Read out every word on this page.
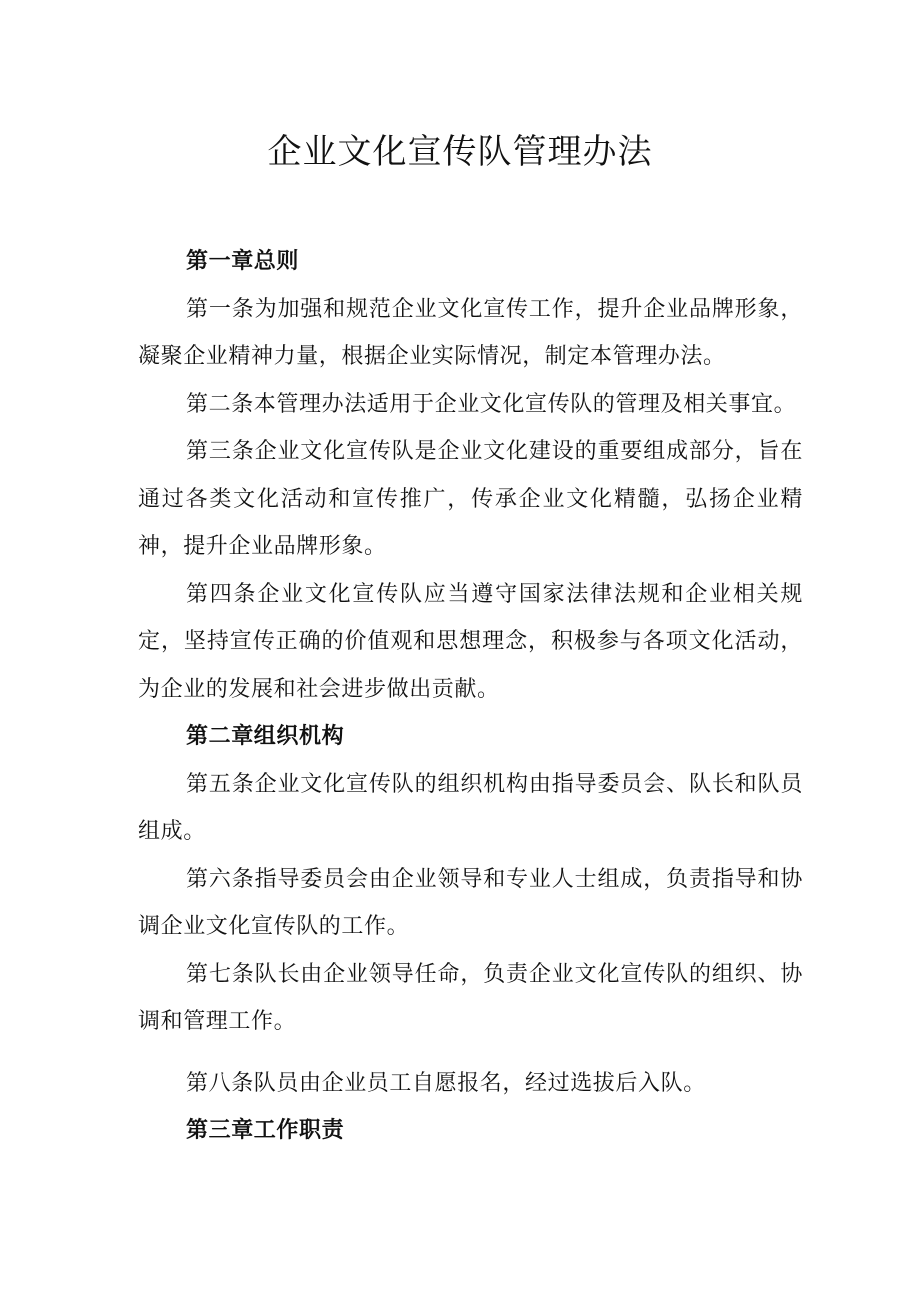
企业文化宣传队管理办法

第一章总则

第一条为加强和规范企业文化宣传工作，提升企业品牌形象，凝聚企业精神力量，根据企业实际情况，制定本管理办法。

第二条本管理办法适用于企业文化宣传队的管理及相关事宜。

第三条企业文化宣传队是企业文化建设的重要组成部分，旨在通过各类文化活动和宣传推广，传承企业文化精髓，弘扬企业精神，提升企业品牌形象。

第四条企业文化宣传队应当遵守国家法律法规和企业相关规定，坚持宣传正确的价值观和思想理念，积极参与各项文化活动，为企业的发展和社会进步做出贡献。

第二章组织机构

第五条企业文化宣传队的组织机构由指导委员会、队长和队员组成。

第六条指导委员会由企业领导和专业人士组成，负责指导和协调企业文化宣传队的工作。

第七条队长由企业领导任命，负责企业文化宣传队的组织、协调和管理工作。

第八条队员由企业员工自愿报名，经过选拔后入队。

第三章工作职责
